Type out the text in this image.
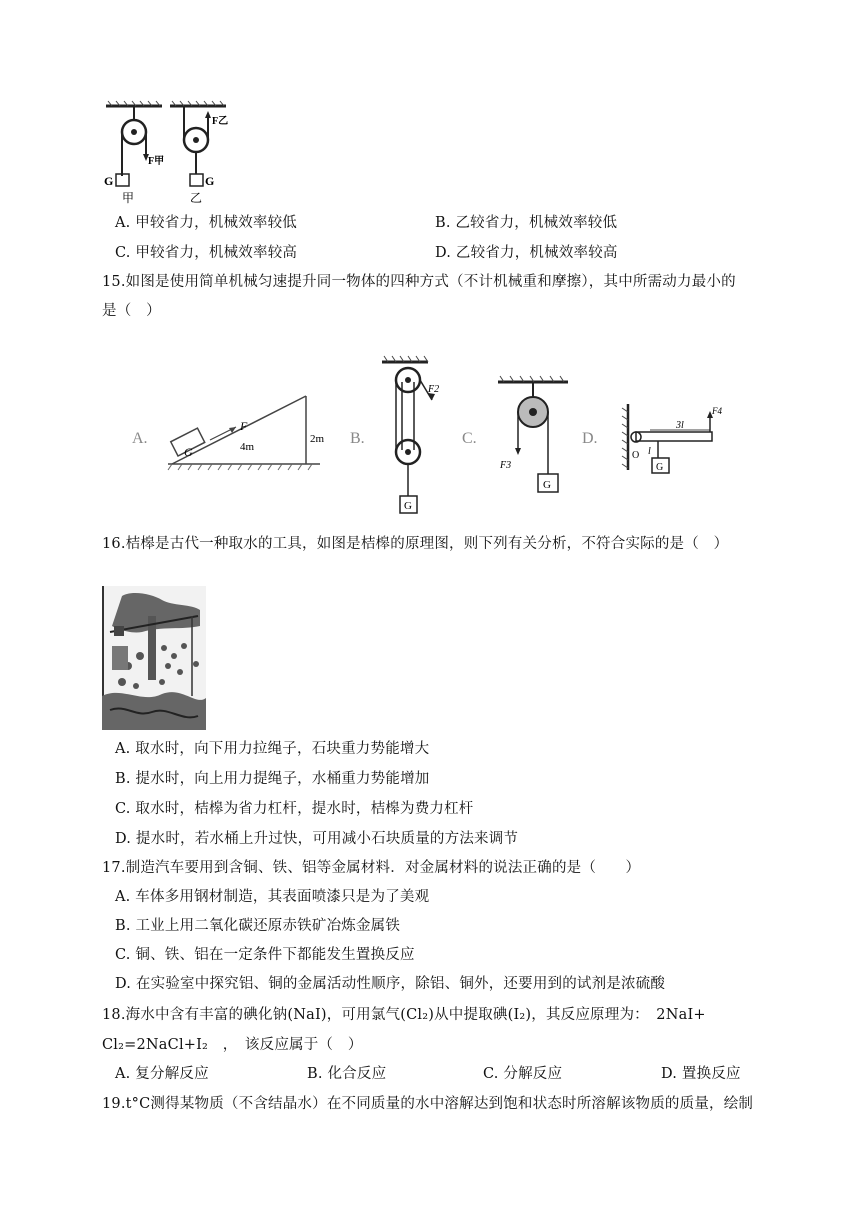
G
甲
F甲
G
乙
F乙
A. 甲较省力，机械效率较低	B. 乙较省力，机械效率较低
C. 甲较省力，机械效率较高	D. 乙较省力，机械效率较高
15.如图是使用简单机械匀速提升同一物体的四种方式（不计机械重和摩擦），其中所需动力最小的
是（　）
A.
G
F
4m
2m B.
F2
G
C.
F3
G
D.
3l
F4
G
O l
16.桔槔是古代一种取水的工具，如图是桔槔的原理图，则下列有关分析，不符合实际的是（　）
A. 取水时，向下用力拉绳子，石块重力势能增大
B. 提水时，向上用力提绳子，水桶重力势能增加
C. 取水时，桔槔为省力杠杆，提水时，桔槔为费力杠杆
D. 提水时，若水桶上升过快，可用减小石块质量的方法来调节
17.制造汽车要用到含铜、铁、铝等金属材料．对金属材料的说法正确的是（　　）
A. 车体多用钢材制造，其表面喷漆只是为了美观
B. 工业上用二氧化碳还原赤铁矿冶炼金属铁
C. 铜、铁、铝在一定条件下都能发生置换反应
D. 在实验室中探究铝、铜的金属活动性顺序，除铝、铜外，还要用到的试剂是浓硫酸
18.海水中含有丰富的碘化钠(NaI)，可用氯气(Cl₂)从中提取碘(I₂)，其反应原理为：　2NaI+
Cl₂=2NaCl+I₂　，　该反应属于（　）
A. 复分解反应	B. 化合反应	C. 分解反应	D. 置换反应
19.t°C测得某物质（不含结晶水）在不同质量的水中溶解达到饱和状态时所溶解该物质的质量，绘制
